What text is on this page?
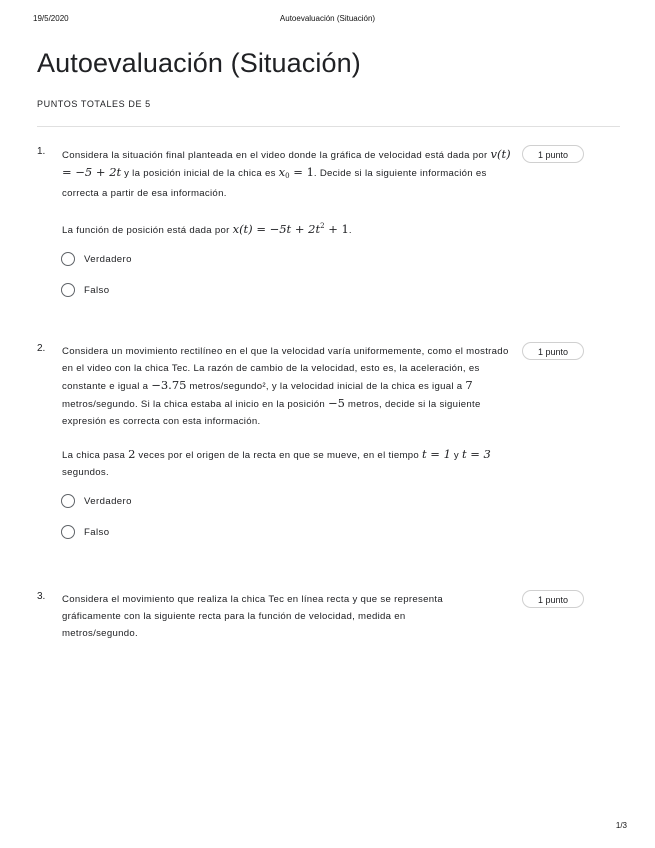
19/5/2020	Autoevaluación (Situación)
Autoevaluación (Situación)
PUNTOS TOTALES DE 5
1.	1 punto

Considera la situación final planteada en el video donde la gráfica de velocidad está dada por v(t) = −5 + 2t y la posición inicial de la chica es $x_0 = 1$. Decide si la siguiente información es correcta a partir de esa información.

La función de posición está dada por $x(t) = -5t + 2t^2 + 1$.

Verdadero
Falso
2.	1 punto

Considera un movimiento rectilíneo en el que la velocidad varía uniformemente, como el mostrado en el video con la chica Tec. La razón de cambio de la velocidad, esto es, la aceleración, es constante e igual a −3.75 metros/segundo², y la velocidad inicial de la chica es igual a 7 metros/segundo. Si la chica estaba al inicio en la posición −5 metros, decide si la siguiente expresión es correcta con esta información.

La chica pasa 2 veces por el origen de la recta en que se mueve, en el tiempo t = 1 y t = 3 segundos.

Verdadero
Falso
3.	1 punto

Considera el movimiento que realiza la chica Tec en línea recta y que se representa gráficamente con la siguiente recta para la función de velocidad, medida en metros/segundo.

1/3
